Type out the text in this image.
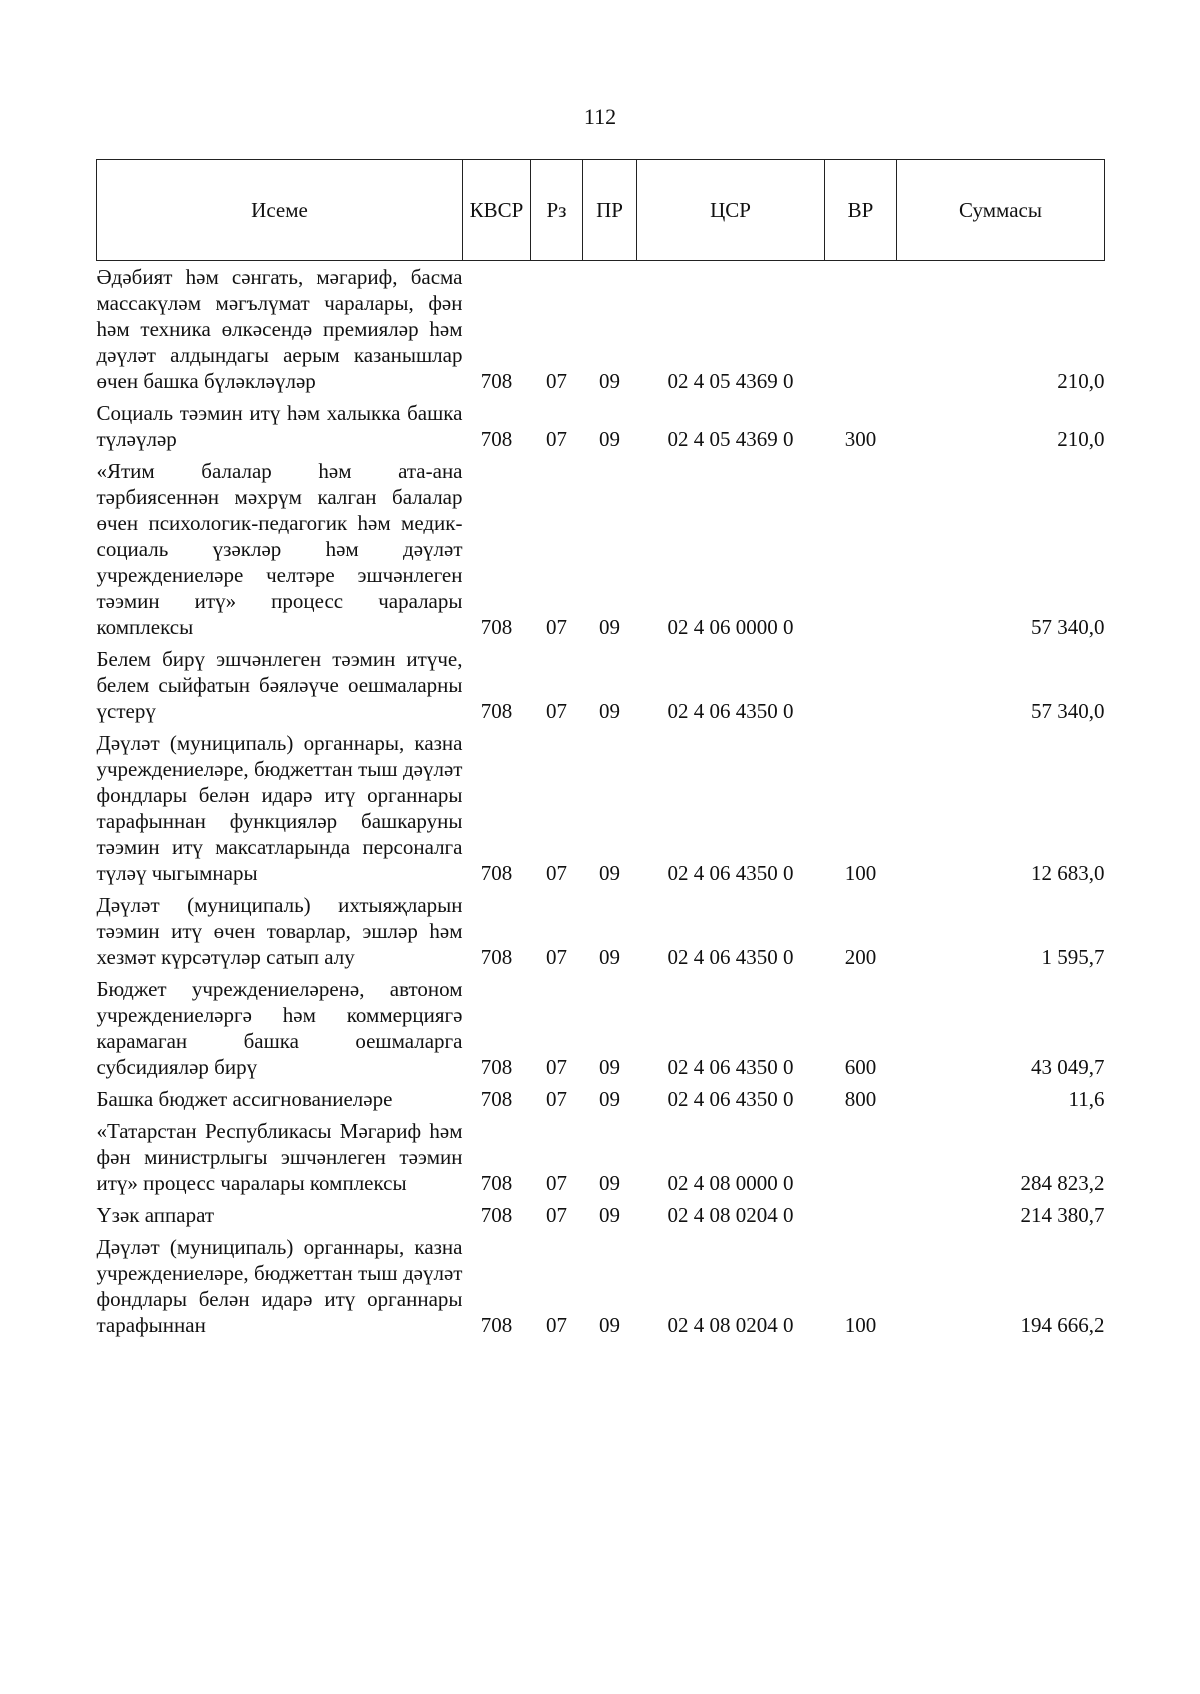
112
Исеме	КВСР	Рз	ПР	ЦСР	ВР	Суммасы
Әдәбият һәм сәнгать, мәгариф, басма массакүләм мәгълүмат чаралары, фән һәм техника өлкәсендә премияләр һәм дәүләт алдындагы аерым казанышлар өчен башка бүләкләүләр	708	07	09	02 4 05 4369 0		210,0
Социаль тәэмин итү һәм халыкка башка түләүләр	708	07	09	02 4 05 4369 0	300	210,0
«Ятим балалар һәм ата-ана тәрбиясеннән мәхрүм калган балалар өчен психологик-педагогик һәм медик-социаль үзәкләр һәм дәүләт учреждениеләре челтәре эшчәнлеген тәэмин итү» процесс чаралары комплексы	708	07	09	02 4 06 0000 0		57 340,0
Белем бирү эшчәнлеген тәэмин итүче, белем сыйфатын бәяләүче оешмаларны үстерү	708	07	09	02 4 06 4350 0		57 340,0
Дәүләт (муниципаль) органнары, казна учреждениеләре, бюджеттан тыш дәүләт фондлары белән идарә итү органнары тарафыннан функцияләр башкаруны тәэмин итү максатларында персоналга түләү чыгымнары	708	07	09	02 4 06 4350 0	100	12 683,0
Дәүләт (муниципаль) ихтыяҗларын тәэмин итү өчен товарлар, эшләр һәм хезмәт күрсәтүләр сатып алу	708	07	09	02 4 06 4350 0	200	1 595,7
Бюджет учреждениеләренә, автоном учреждениеләргә һәм коммерциягә карамаган башка оешмаларга субсидияләр бирү	708	07	09	02 4 06 4350 0	600	43 049,7
Башка бюджет ассигнованиеләре	708	07	09	02 4 06 4350 0	800	11,6
«Татарстан Республикасы Мәгариф һәм фән министрлыгы эшчәнлеген тәэмин итү» процесс чаралары комплексы	708	07	09	02 4 08 0000 0		284 823,2
Үзәк аппарат	708	07	09	02 4 08 0204 0		214 380,7
Дәүләт (муниципаль) органнары, казна учреждениеләре, бюджеттан тыш дәүләт фондлары белән идарә итү органнары тарафыннан	708	07	09	02 4 08 0204 0	100	194 666,2
